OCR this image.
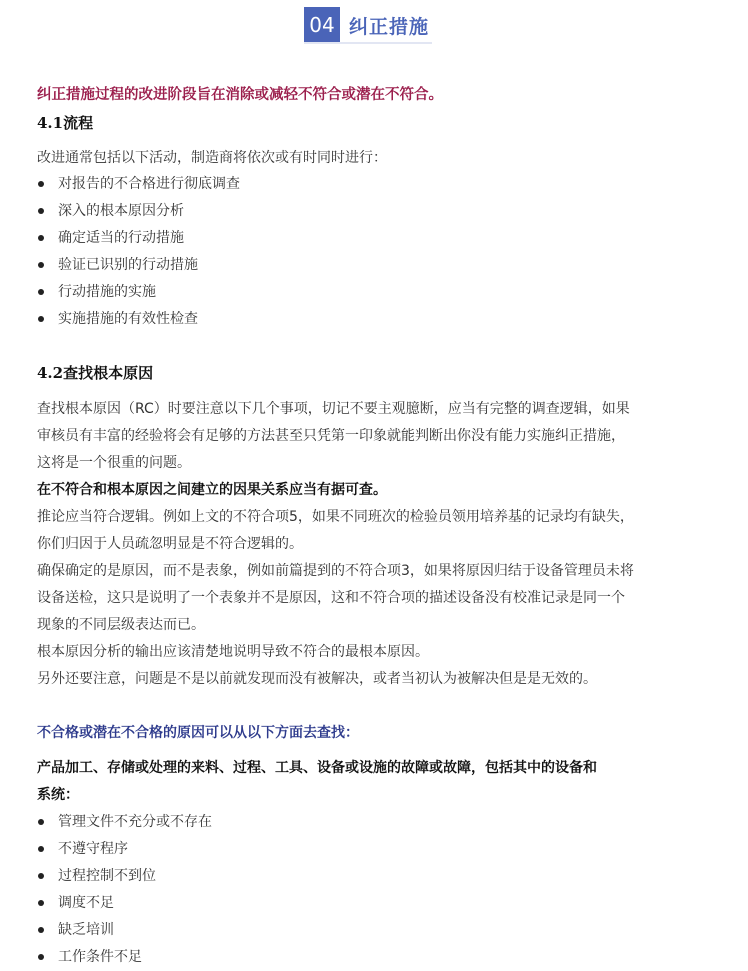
04 纠正措施
纠正措施过程的改进阶段旨在消除或减轻不符合或潜在不符合。
4.1流程
改进通常包括以下活动，制造商将依次或有时同时进行：
对报告的不合格进行彻底调查
深入的根本原因分析
确定适当的行动措施
验证已识别的行动措施
行动措施的实施
实施措施的有效性检查
4.2查找根本原因
查找根本原因（RC）时要注意以下几个事项，切记不要主观臆断，应当有完整的调查逻辑，如果
审核员有丰富的经验将会有足够的方法甚至只凭第一印象就能判断出你没有能力实施纠正措施，
这将是一个很重的问题。
在不符合和根本原因之间建立的因果关系应当有据可查。
推论应当符合逻辑。例如上文的不符合项5，如果不同班次的检验员领用培养基的记录均有缺失，
你们归因于人员疏忽明显是不符合逻辑的。
确保确定的是原因，而不是表象，例如前篇提到的不符合项3，如果将原因归结于设备管理员未将
设备送检，这只是说明了一个表象并不是原因，这和不符合项的描述设备没有校准记录是同一个
现象的不同层级表达而已。
根本原因分析的输出应该清楚地说明导致不符合的最根本原因。
另外还要注意，问题是不是以前就发现而没有被解决，或者当初认为被解决但是是无效的。
不合格或潜在不合格的原因可以从以下方面去查找：
产品加工、存储或处理的来料、过程、工具、设备或设施的故障或故障，包括其中的设备和
系统：
管理文件不充分或不存在
不遵守程序
过程控制不到位
调度不足
缺乏培训
工作条件不足
